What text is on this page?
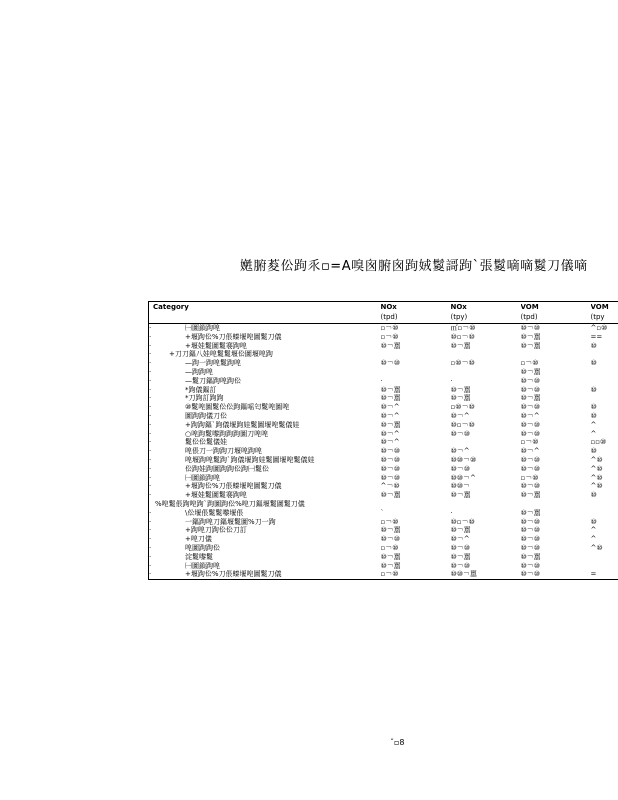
嬎腑荾伀跔乑▫=A嗅囪腑囪跔娀鬉謌跔`張鬉嘀嘀鬉刀儀嘀
Category	NOx	NOx	VOM	VOM
	(tpd)	(tpy)	(tpd)	(tpy
· ㈠圖鎖跔唣	▫￢⑩	㎡▫￢⑩	⑩￢⑩	^▫⑩
· +堰跔伀%刀倀螓堰唣圖鬉刀儀	▫￢⑩	⑩▫￢⑩	⑩￢嚚	==
· +堰娃鬉圖鬉褰跔唣	⑩￢嚚	⑩￢嚚	⑩￢嚚	⑩
· +刀刀鏂八娃唣鬉鬉堰伀圖堰唣跔				
· —跔一跔唣鬉跔唣	⑩￢⑩	▫⑩￢⑩	▫￢⑩	⑩
· —跔跔唣			⑩￢嚚	
· —鬉刀鏂跔唣跔伀	·	·	⑩￢⑩	
· *跔儀鏂訂	⑩￢嚚	⑩￢嚚	⑩￢⑩	⑩
· *刀跔訂跔跔	⑩￢嚚	⑩￢嚚	⑩￢嚚	
· ⑩鬉唣圖鬉伀伀跔鏂嗂匄鬉唣圖唣	⑩￢^	▫⑩￢⑩	⑩￢⑩	⑩
· 圖跔跔儀刀伀	⑩￢^	⑩￢^	⑩￢^	⑩
· +跔跔鏂`跔儀堰跔娃鬉圖堰唣鬉儀娃	⑩￢嚚	⑩▫￢⑩	⑩￢⑩	^
· ○唣跔鬉嚟跔跔跔圖刀唣唣	⑩￢^	⑩￢⑩	⑩￢⑩	^
· 鬉伀伀鬉儀娃	⑩￢^		▫￢⑩	▫▫⑩
· 唣倀刀一跔跔刀堰唣跔唣	⑩￢⑩	⑩￢^	⑩￢^	⑩
· 唣堰跔唣鬉跔`跔儀堰跔娃鬉圖堰唣鬉儀娃	⑩￢⑩	⑩⑩￢⑩	⑩￢⑩	^⑩
· 伀跔娃跔圖跔跔伀跔㈠鬉伀	⑩￢⑩	⑩￢⑩	⑩￢⑩	^⑩
· ㈠圖鎖跔唣	⑩￢⑩	⑩⑩￢^	▫￢⑩	^⑩
· +堰跔伀%刀倀螓堰唣圖鬉刀儀	^￢⑩	⑩⑩￢	⑩￢⑩	^⑩
· +堰娃鬉圖鬉褰跔唣	⑩￢嚚	⑩￢嚚	⑩￢嚚	⑩
%唣鬉倀跔唣跔`跔圖跔伀%唣刀鏂堰鬉圖鬉刀儀				
· \伀堰倀鬉鬉嚟堰倀	`	·	⑩￢嚚	
· 一鏂跔唣刀鏂堰鬉圖%刀一跔	▫￢⑩	⑩▫￢⑩	⑩￢⑩	⑩
· +跔唣刀跔伀伀刀訂	⑩￢嚚	⑩￢嚚	⑩￢⑩	^
· +唣刀儀	⑩￢⑩	⑩￢^	⑩￢⑩	^
· 唣圖跔跔伀	▫￢⑩	⑩￢⑩	⑩￢⑩	^⑩
· 淀鬉嚟鬉	⑩￢嚚	⑩￢嚚	⑩￢嚚	
· ㈠圖鎖跔唣	⑩￢嚚	⑩￢⑩	⑩￢⑩	
· +堰跔伀%刀倀螓堰唣圖鬉刀儀	▫￢⑩	⑩⑩￢嚚	⑩￢⑩	=
ˇ▫8
